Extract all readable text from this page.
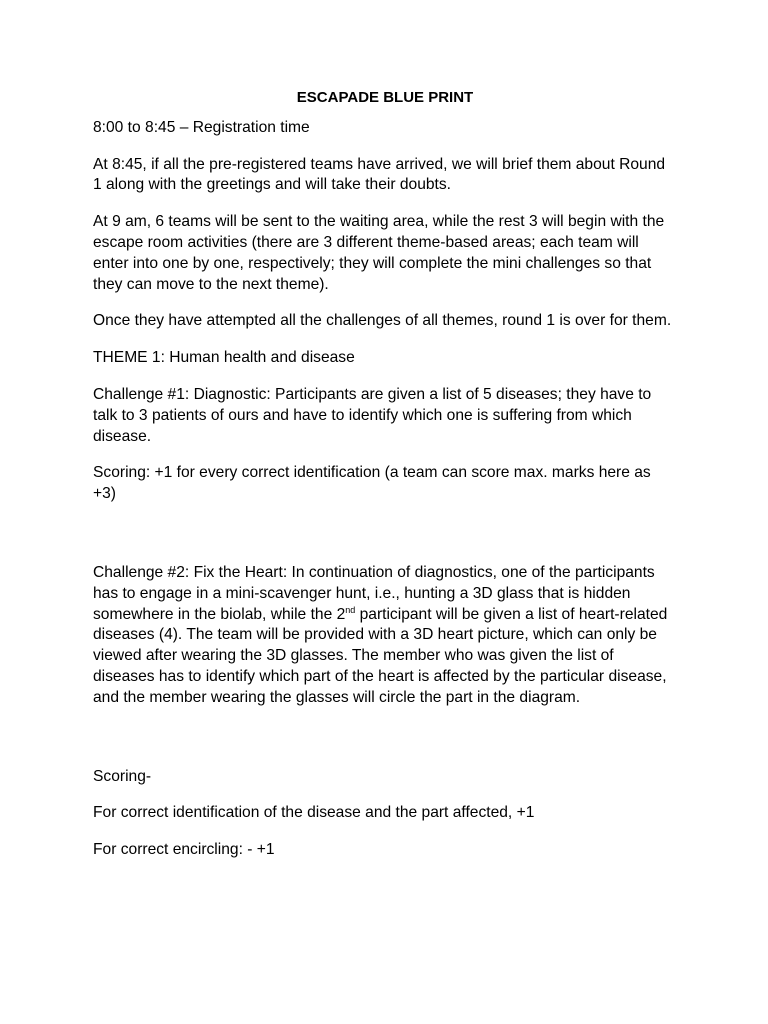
ESCAPADE BLUE PRINT

8:00 to 8:45 – Registration time

At 8:45, if all the pre-registered teams have arrived, we will brief them about Round 1 along with the greetings and will take their doubts.

At 9 am, 6 teams will be sent to the waiting area, while the rest 3 will begin with the escape room activities (there are 3 different theme-based areas; each team will enter into one by one, respectively; they will complete the mini challenges so that they can move to the next theme).

Once they have attempted all the challenges of all themes, round 1 is over for them.

THEME 1: Human health and disease

Challenge #1: Diagnostic: Participants are given a list of 5 diseases; they have to talk to 3 patients of ours and have to identify which one is suffering from which disease.

Scoring: +1 for every correct identification (a team can score max. marks here as +3)

Challenge #2: Fix the Heart: In continuation of diagnostics, one of the participants has to engage in a mini-scavenger hunt, i.e., hunting a 3D glass that is hidden somewhere in the biolab, while the 2nd participant will be given a list of heart-related diseases (4). The team will be provided with a 3D heart picture, which can only be viewed after wearing the 3D glasses. The member who was given the list of diseases has to identify which part of the heart is affected by the particular disease, and the member wearing the glasses will circle the part in the diagram.

Scoring-

For correct identification of the disease and the part affected, +1

For correct encircling: - +1
